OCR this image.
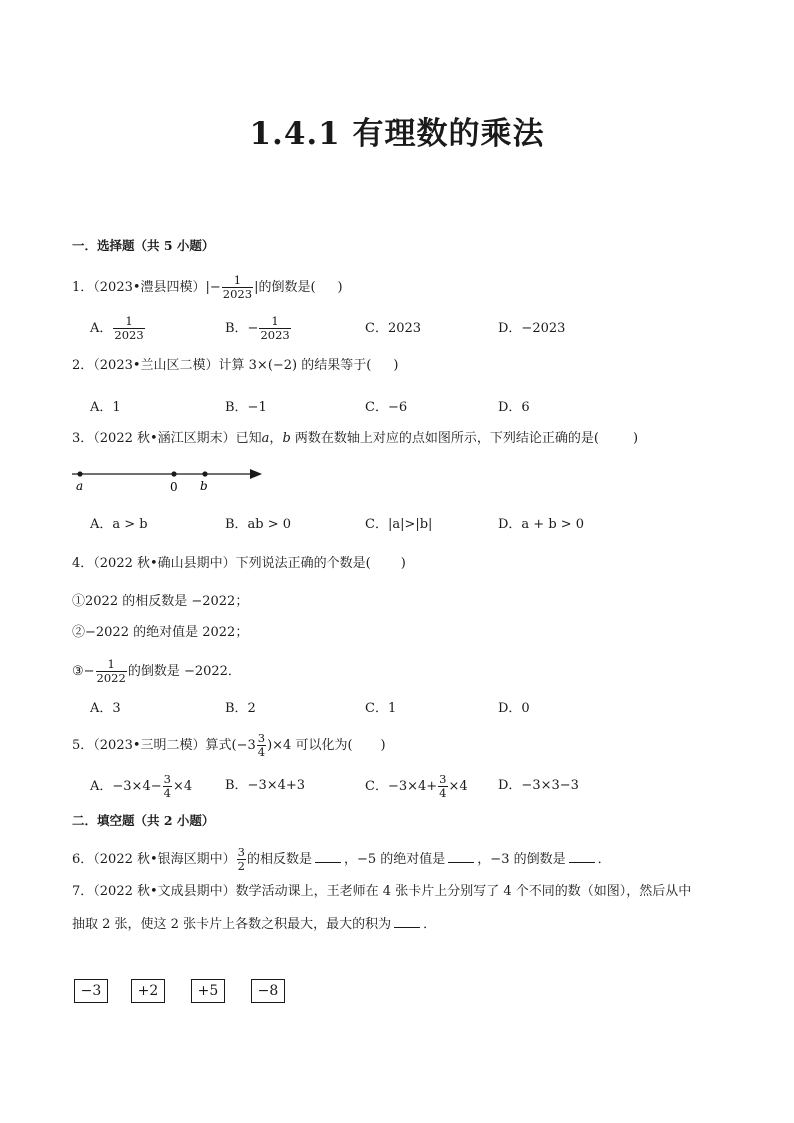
1.4.1 有理数的乘法
一．选择题（共 5 小题）
1．（2023•澧县四模）|− $\frac{1}{2023}$ |的倒数是( )
A． $\frac{1}{2023}$	B．− $\frac{1}{2023}$	C．2023	D．−2023
2．（2023•兰山区二模）计算 3×(−2) 的结果等于( )
A．1	B．−1	C．−6	D．6
3．（2022 秋•涵江区期末）已知a，b 两数在数轴上对应的点如图所示，下列结论正确的是(	)
a	0 b
A．a > b	B．ab > 0	C．|a|>|b|	D．a + b > 0
4．（2022 秋•确山县期中）下列说法正确的个数是( )
①2022 的相反数是 −2022；
②−2022 的绝对值是 2022；
③− $\frac{1}{2022}$ 的倒数是 −2022．
A．3	B．2	C．1	D．0
5．（2023•三明二模）算式$(-3 \frac{3}{4} )\times 4$ 可以化为( )
A．$-3\times 4- \frac{3}{4} \times 4$	B．−3×4+3	C．$-3\times 4+ \frac{3}{4} \times 4$ D．−3×3−3
二．填空题（共 2 小题）
6．（2022 秋•银海区期中） $\frac{3}{2}$ 的相反数是 ，−5 的绝对值是 ，−3 的倒数是 ．
7．（2022 秋•文成县期中）数学活动课上，王老师在 4 张卡片上分别写了 4 个不同的数（如图），然后从中
抽取 2 张，使这 2 张卡片上各数之积最大，最大的积为 ．
−3	+2	+5	−8
